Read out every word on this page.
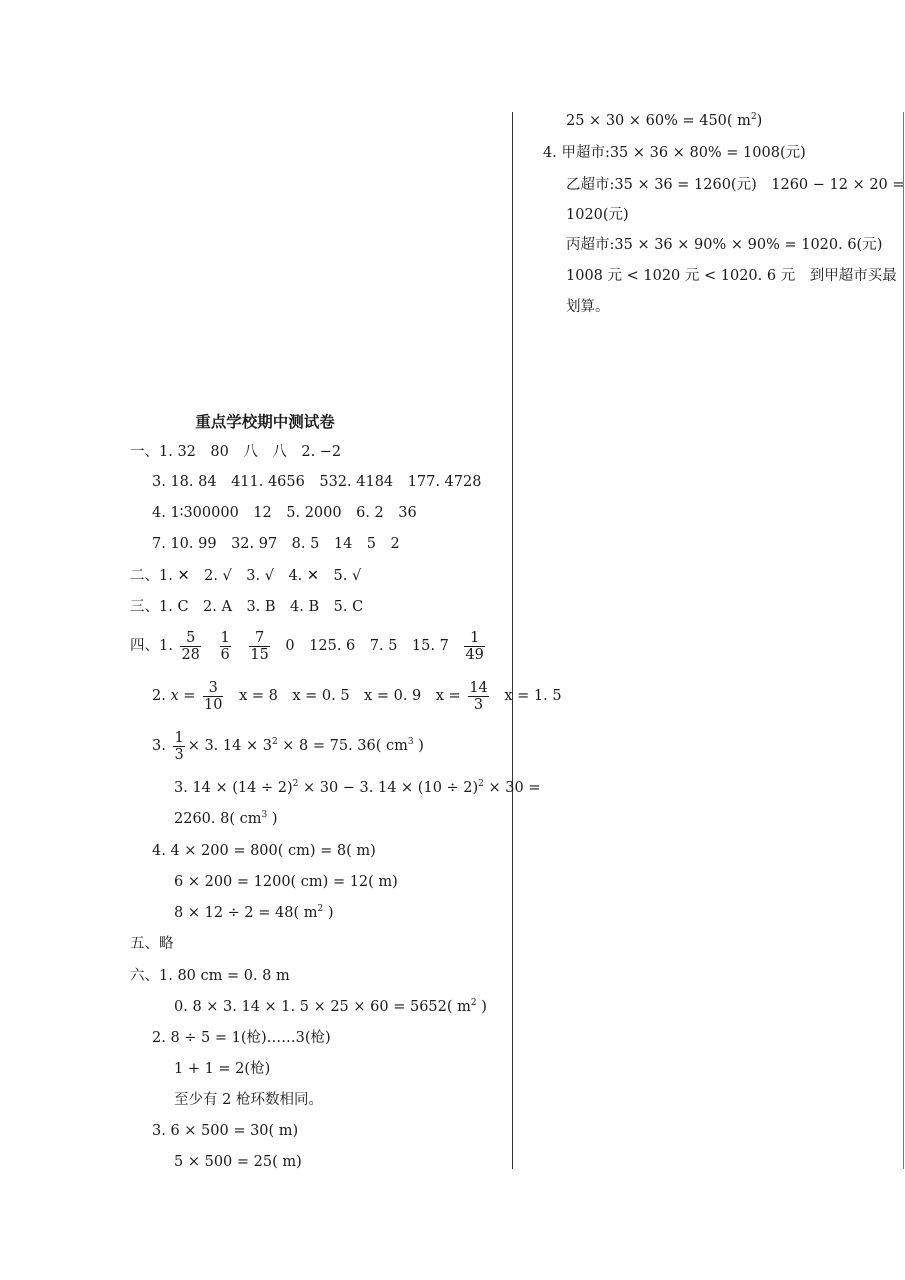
25 × 30 × 60% = 450( $m^2$)
4. 甲超市:35 × 36 × 80% = 1008(元)
乙超市:35 × 36 = 1260(元)　1260 − 12 × 20 =
1020(元)
丙超市:35 × 36 × 90% × 90% = 1020. 6(元)
1008 元 < 1020 元 < 1020. 6 元　到甲超市买最
划算。
重点学校期中测试卷
一、1. 32　80　八　八　2. −2
3. 18. 84　411. 4656　532. 4184　177. 4728
4. 1∶300000　12　5. 2000　6. 2　36
7. 10. 99　32. 97　8. 5　14　5　2
二、1. ✕　2. √　3. √　4. ✕　5. √
三、1. C　2. A　3. B　4. B　5. C
四、1. $\frac{5}{28}$
$\frac{1}{6}$
$\frac{7}{15} 0$　125. 6　7. 5　15. $7 \frac{1}{49}$
2. $x = \frac{3}{10}$ x = 8　x = 0. 5　x = 0. 9　$x = \frac{14}{3}$ x = 1. 5
3. $\frac{1}{3} \times 3$. $14 \times 3^2 \times 8 = 75$. 36( $cm^3$ )
3. $14 \times (14 \div 2)^2 \times 30 - 3$. $14 \times (10 \div 2)^2 \times 30$ =
2260. 8( $cm^3$ )
4. 4 × 200 = 800( cm) = 8( m)
6 × 200 = 1200( cm) = 12( m)
8 × 12 ÷ 2 = 48( $m^2$ )
五、略
六、1. 80 cm = 0. 8 m
0. 8 × 3. 14 × 1. 5 × 25 × 60 = 5652( $m^2$ )
2. 8 ÷ 5 = 1(枪)……3(枪)
1 + 1 = 2(枪)
至少有 2 枪环数相同。
3. 6 × 500 = 30( m)
5 × 500 = 25( m)
